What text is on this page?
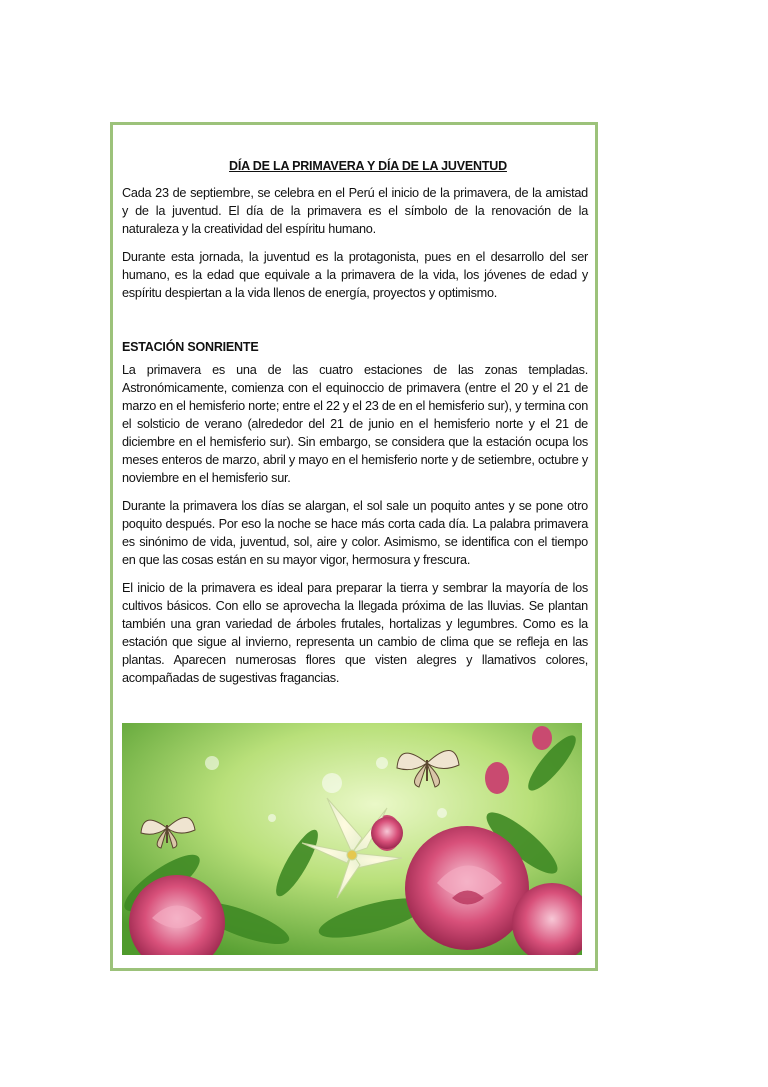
DÍA DE LA PRIMAVERA Y DÍA DE LA JUVENTUD

Cada 23 de septiembre, se celebra en el Perú el inicio de la primavera, de la amistad y de la juventud. El día de la primavera es el símbolo de la renovación de la naturaleza y la creatividad del espíritu humano.

Durante esta jornada, la juventud es la protagonista, pues en el desarrollo del ser humano, es la edad que equivale a la primavera de la vida, los jóvenes de edad y espíritu despiertan a la vida llenos de energía, proyectos y optimismo.

ESTACIÓN SONRIENTE

La primavera es una de las cuatro estaciones de las zonas templadas. Astronómicamente, comienza con el equinoccio de primavera (entre el 20 y el 21 de marzo en el hemisferio norte; entre el 22 y el 23 de en el hemisferio sur), y termina con el solsticio de verano (alrededor del 21 de junio en el hemisferio norte y el 21 de diciembre en el hemisferio sur). Sin embargo, se considera que la estación ocupa los meses enteros de marzo, abril y mayo en el hemisferio norte y de setiembre, octubre y noviembre en el hemisferio sur.

Durante la primavera los días se alargan, el sol sale un poquito antes y se pone otro poquito después. Por eso la noche se hace más corta cada día. La palabra primavera es sinónimo de vida, juventud, sol, aire y color. Asimismo, se identifica con el tiempo en que las cosas están en su mayor vigor, hermosura y frescura.

El inicio de la primavera es ideal para preparar la tierra y sembrar la mayoría de los cultivos básicos. Con ello se aprovecha la llegada próxima de las lluvias. Se plantan también una gran variedad de árboles frutales, hortalizas y legumbres. Como es la estación que sigue al invierno, representa un cambio de clima que se refleja en las plantas. Aparecen numerosas flores que visten alegres y llamativos colores, acompañadas de sugestivas fragancias.
